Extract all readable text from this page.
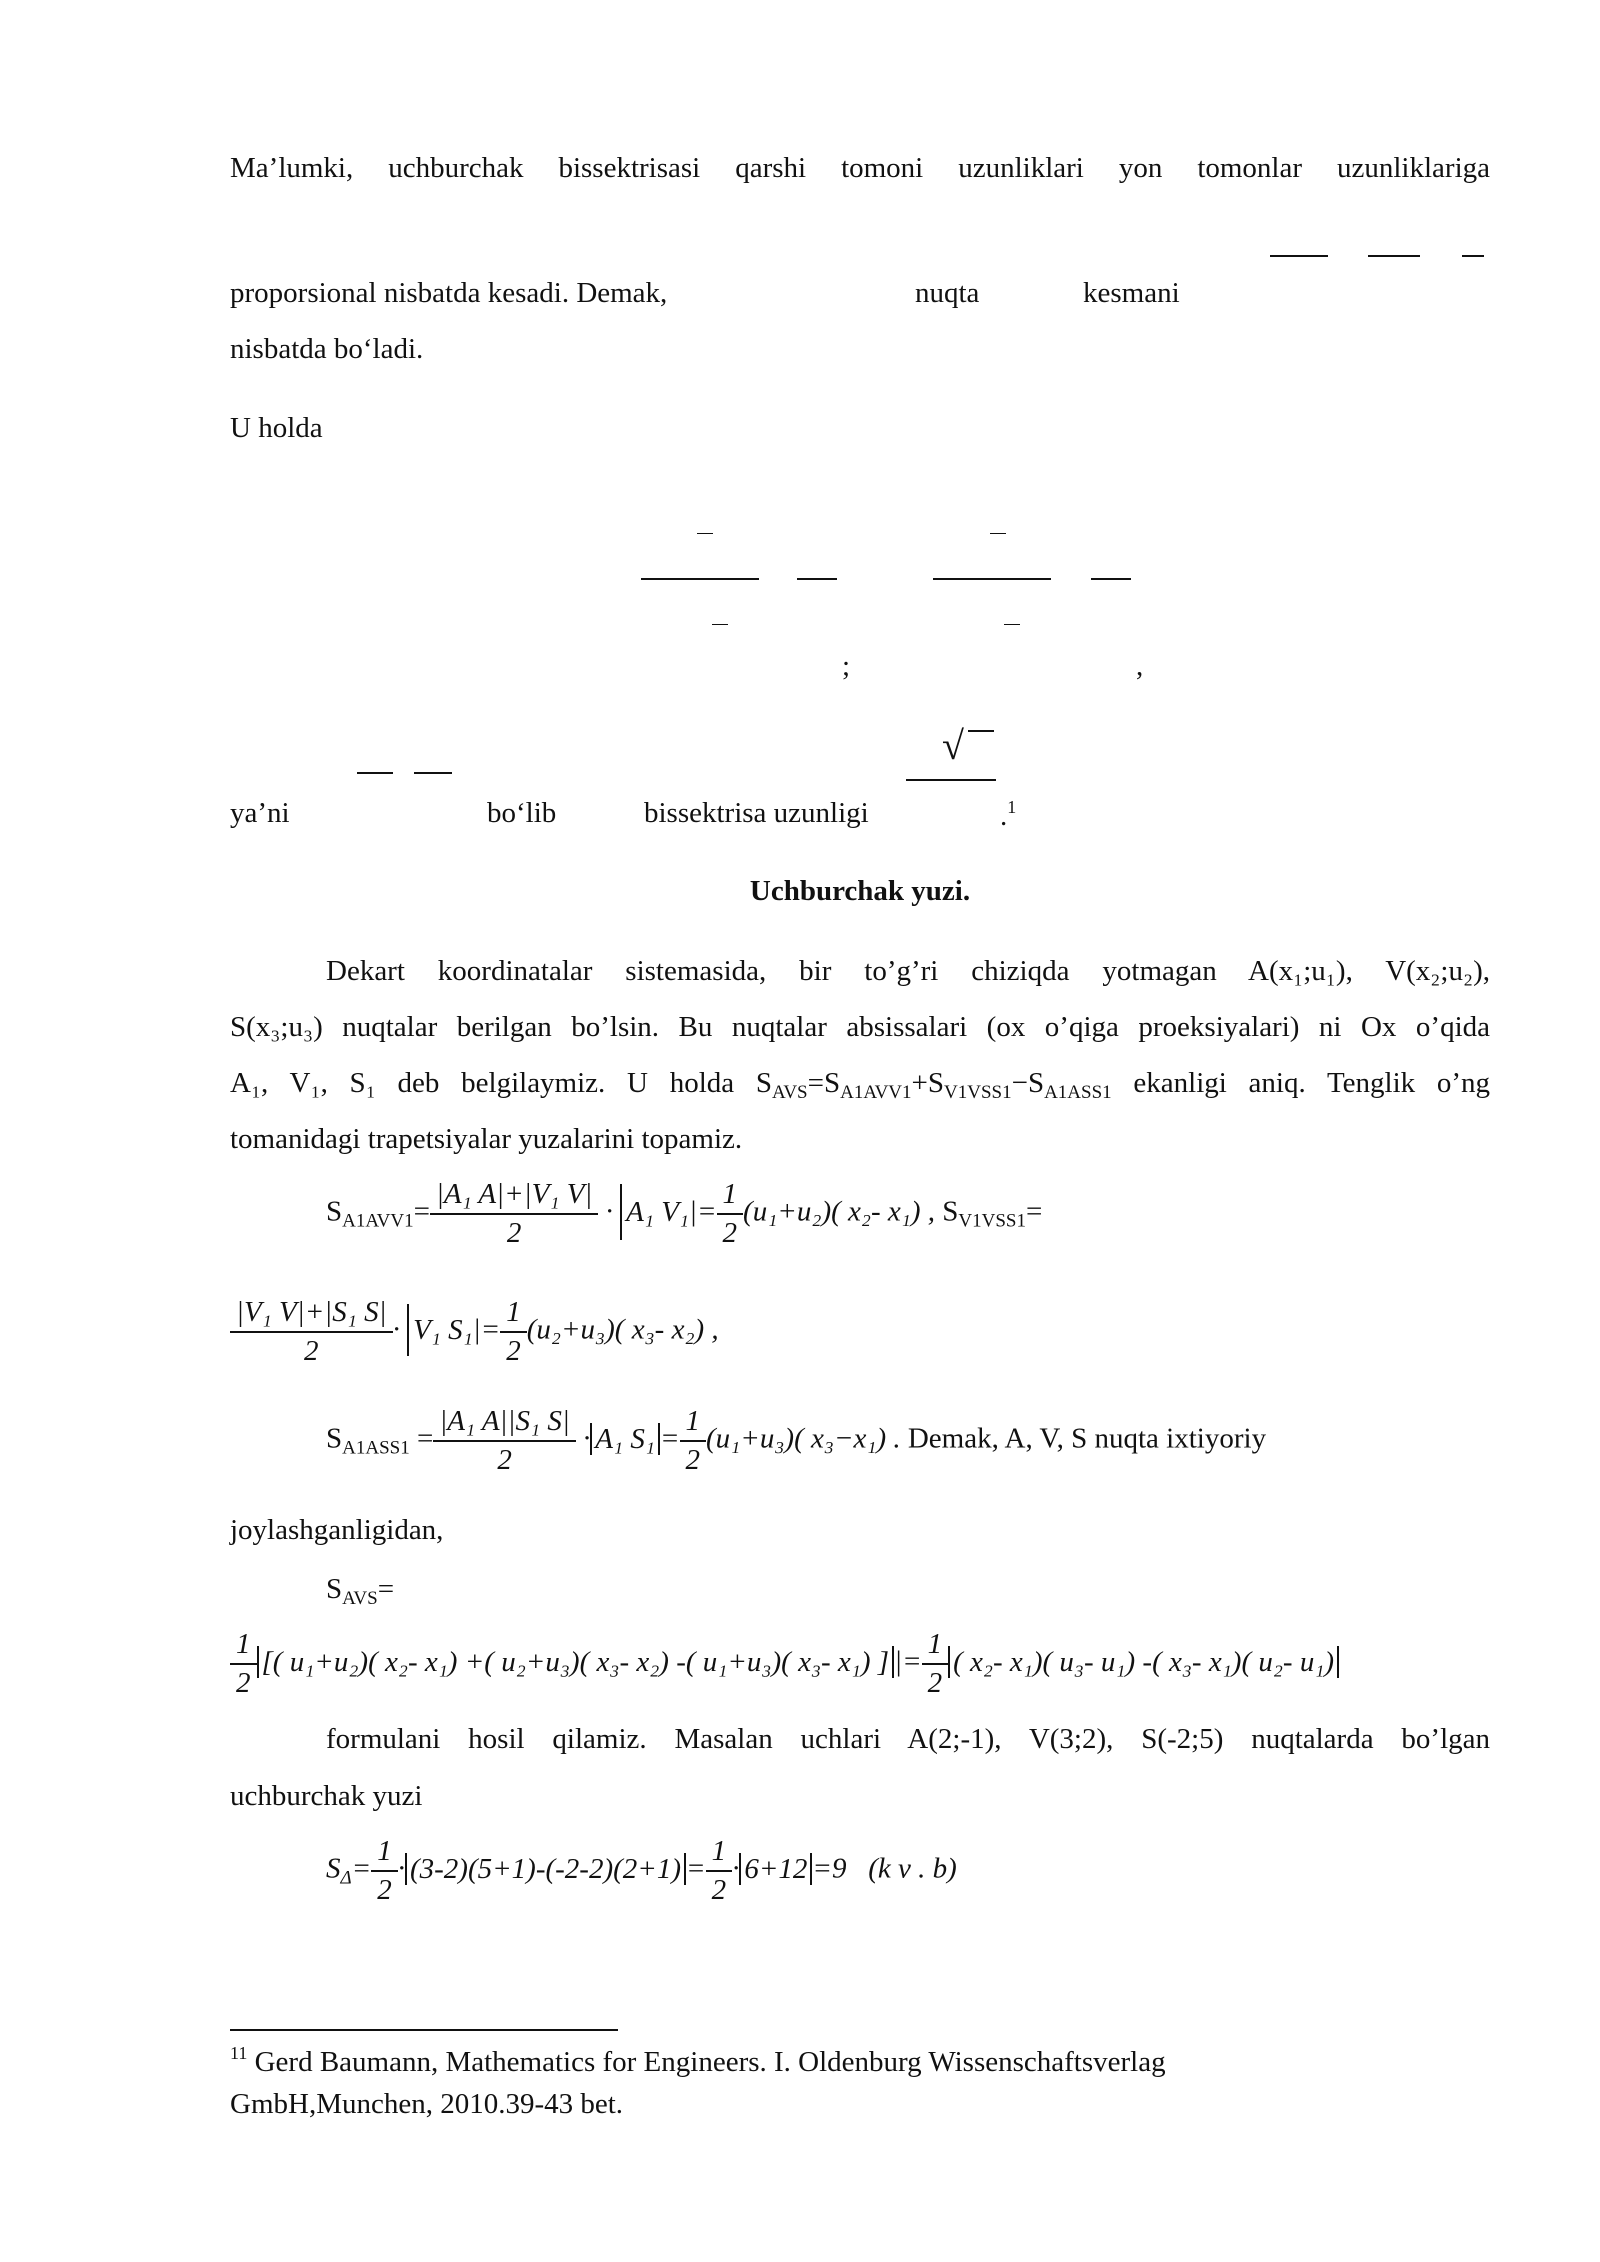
Ma’lumki, uchburchak bissektrisasi qarshi tomoni uzunliklari yon tomonlar uzunliklariga
proporsional nisbatda kesadi. Demak,	nuqta	kesmani
nisbatda bo‘ladi.
U holda
;	,
√
ya’ni	bo‘lib	bissektrisa uzunligi	.$^1$
Uchburchak yuzi.
Dekart koordinatalar sistemasida, bir to’g’ri chiziqda yotmagan A(x₁;u₁), V(x₂;u₂),
S(x₃;u₃) nuqtalar berilgan bo’lsin. Bu nuqtalar absissalari (ox o’qiga proeksiyalari) ni Ox o’qida
A₁, V₁, S₁ deb belgilaymiz. U holda $S_{AVS}=S_{A1AVV1}+S_{V1VSS1}-S_{A1ASS1}$ ekanligi aniq. Tenglik o’ng
tomanidagi trapetsiyalar yuzalarini topamiz.
$S_{A1AVV1}= \frac{\text{|A₁ A|+|V₁ V|}}{2} \cdot A_1$ $V_1|= \frac{1}{2} (u_1+u_2)$( x₂- x₁) , $S_{V1VSS1}=$
$\frac{\text{|V₁ V|+|S₁ S|}}{2} \cdot V_1$ $S_1|= \frac{1}{2} (u_2+u_3)$( x₃- x₂) ,
$S_{A1ASS1} = \frac{\text{|A₁ A||S₁ S|}}{2} \cdot A_1$ $S_1 = \frac{1}{2} (u_1+u_3)$( x₃−x₁) . Demak, A, V, S nuqta ixtiyoriy
joylashganligidan,
$S_{AVS}=$
$\frac{1}{2}$ [( u₁+u₂)( x₂- x₁) +( u₂+u₃)( x₃- x₂) -( u₁+u₃)( x₃- x₁) ] |= $\frac{1}{2}$ ( x₂- x₁)( u₃- u₁) -( x₃- x₁)( u₂- u₁)
formulani hosil qilamiz. Masalan uchlari A(2;-1), V(3;2), S(-2;5) nuqtalarda bo’lgan
uchburchak yuzi
$S_\Delta= \frac{1}{2} \cdot (3-2)(5+1)-(-2-2)(2+1) = \frac{1}{2} \cdot 6+12 =9$ (k v . b)
$^{11}$ Gerd Baumann, Mathematics for Engineers. I. Oldenburg Wissenschaftsverlag
GmbH,Munchen, 2010.39-43 bet.
